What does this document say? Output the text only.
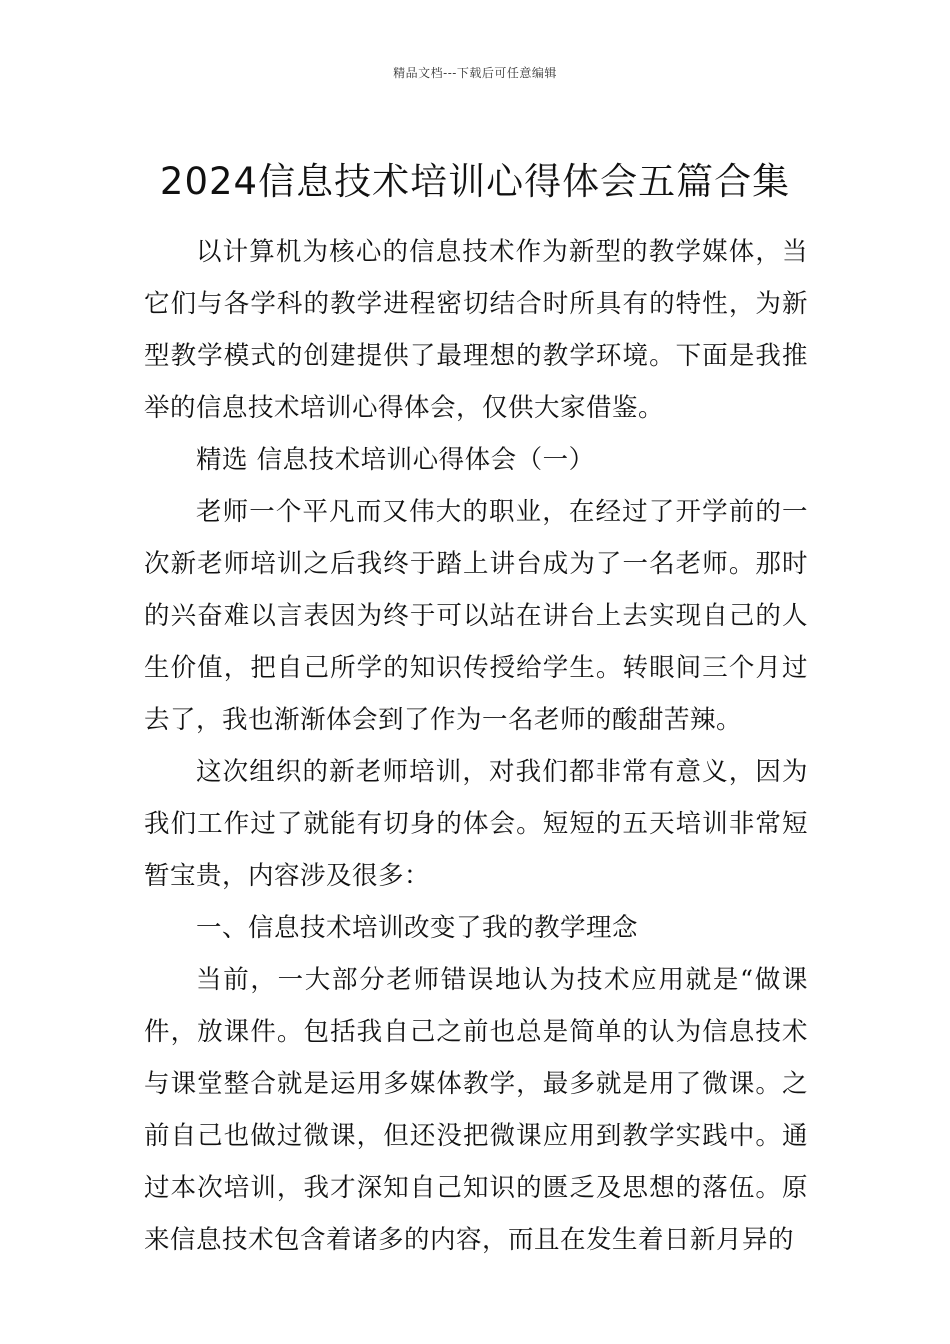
精品文档---下载后可任意编辑
2024信息技术培训心得体会五篇合集

以计算机为核心的信息技术作为新型的教学媒体，当它们与各学科的教学进程密切结合时所具有的特性，为新型教学模式的创建提供了最理想的教学环境。下面是我推举的信息技术培训心得体会，仅供大家借鉴。

精选 信息技术培训心得体会（一）

老师一个平凡而又伟大的职业，在经过了开学前的一次新老师培训之后我终于踏上讲台成为了一名老师。那时的兴奋难以言表因为终于可以站在讲台上去实现自己的人生价值，把自己所学的知识传授给学生。转眼间三个月过去了，我也渐渐体会到了作为一名老师的酸甜苦辣。

这次组织的新老师培训，对我们都非常有意义，因为我们工作过了就能有切身的体会。短短的五天培训非常短暂宝贵，内容涉及很多：

一、信息技术培训改变了我的教学理念

当前，一大部分老师错误地认为技术应用就是“做课件，放课件。包括我自己之前也总是简单的认为信息技术与课堂整合就是运用多媒体教学，最多就是用了微课。之前自己也做过微课，但还没把微课应用到教学实践中。通过本次培训，我才深知自己知识的匮乏及思想的落伍。原来信息技术包含着诸多的内容，而且在发生着日新月异的
